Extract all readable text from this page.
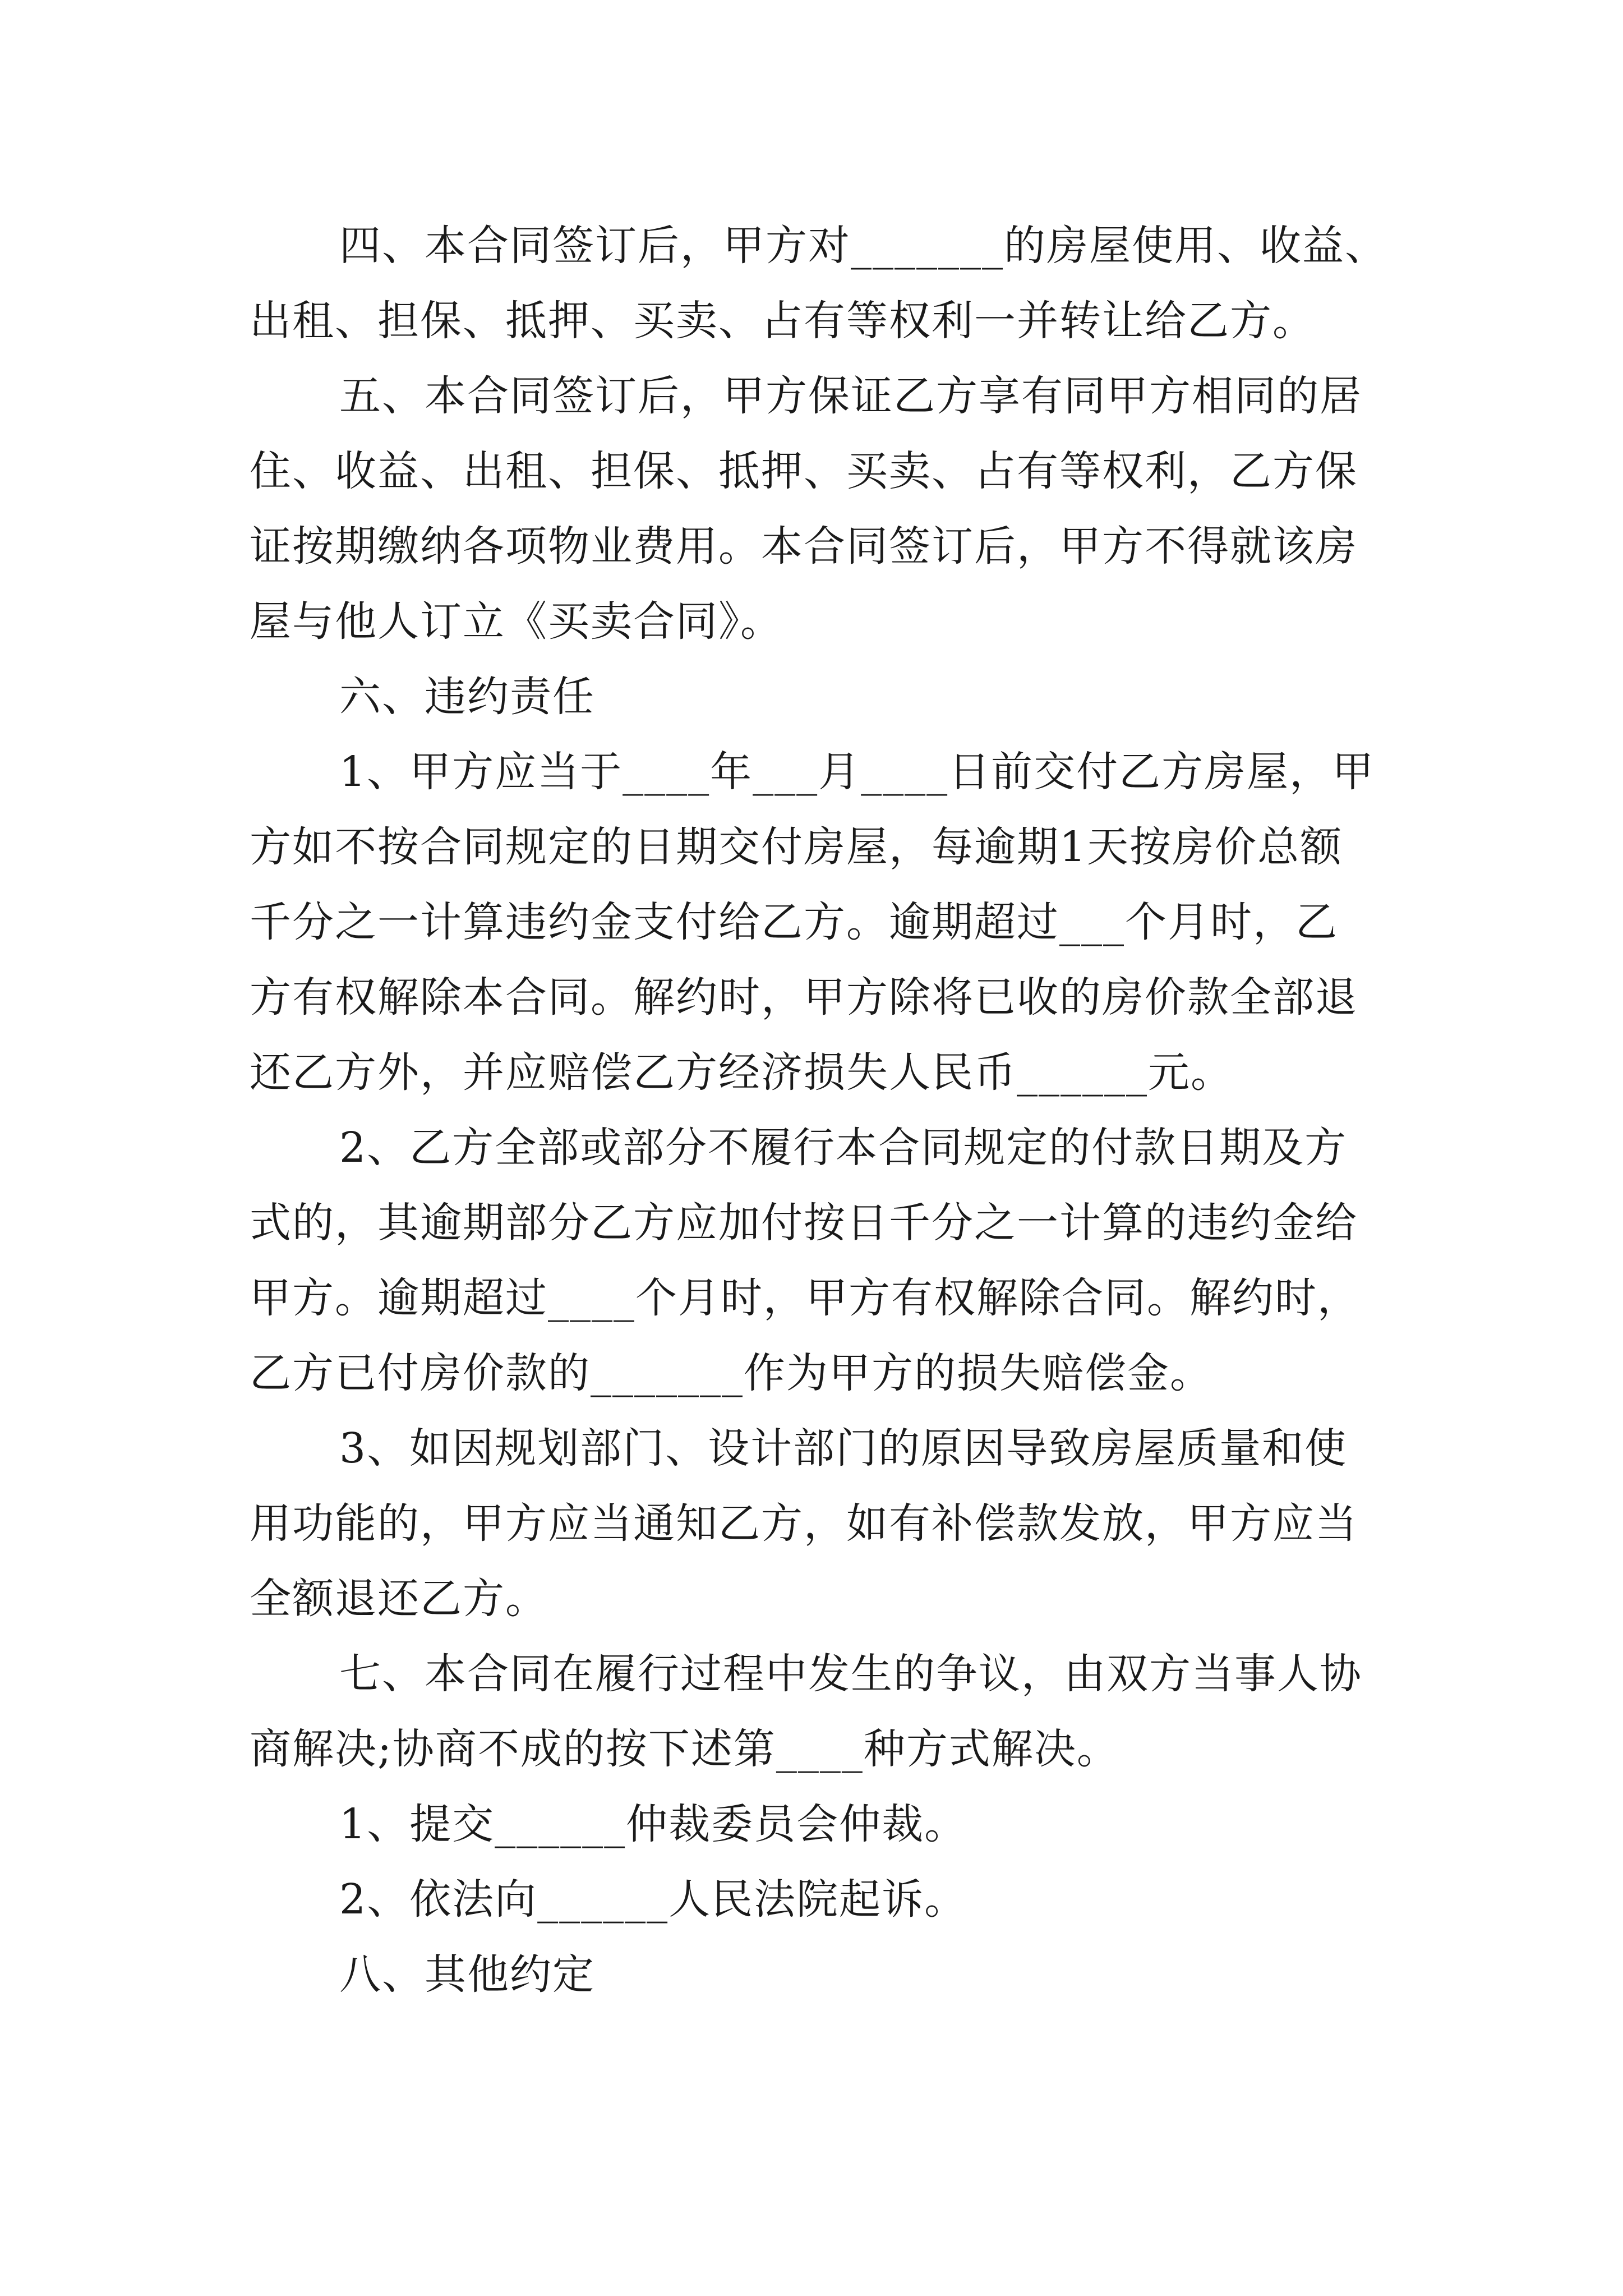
四、本合同签订后，甲方对_______的房屋使用、收益、

出租、担保、抵押、买卖、占有等权利一并转让给乙方。

五、本合同签订后，甲方保证乙方享有同甲方相同的居

住、收益、出租、担保、抵押、买卖、占有等权利，乙方保

证按期缴纳各项物业费用。本合同签订后，甲方不得就该房

屋与他人订立《买卖合同》。

六、违约责任

1、甲方应当于____年___月____日前交付乙方房屋，甲

方如不按合同规定的日期交付房屋，每逾期1天按房价总额

千分之一计算违约金支付给乙方。逾期超过___个月时，乙

方有权解除本合同。解约时，甲方除将已收的房价款全部退

还乙方外，并应赔偿乙方经济损失人民币______元。

2、乙方全部或部分不履行本合同规定的付款日期及方

式的，其逾期部分乙方应加付按日千分之一计算的违约金给

甲方。逾期超过____个月时，甲方有权解除合同。解约时，

乙方已付房价款的_______作为甲方的损失赔偿金。

3、如因规划部门、设计部门的原因导致房屋质量和使

用功能的，甲方应当通知乙方，如有补偿款发放，甲方应当

全额退还乙方。

七、本合同在履行过程中发生的争议，由双方当事人协

商解决;协商不成的按下述第____种方式解决。

1、提交______仲裁委员会仲裁。

2、依法向______人民法院起诉。

八、其他约定
